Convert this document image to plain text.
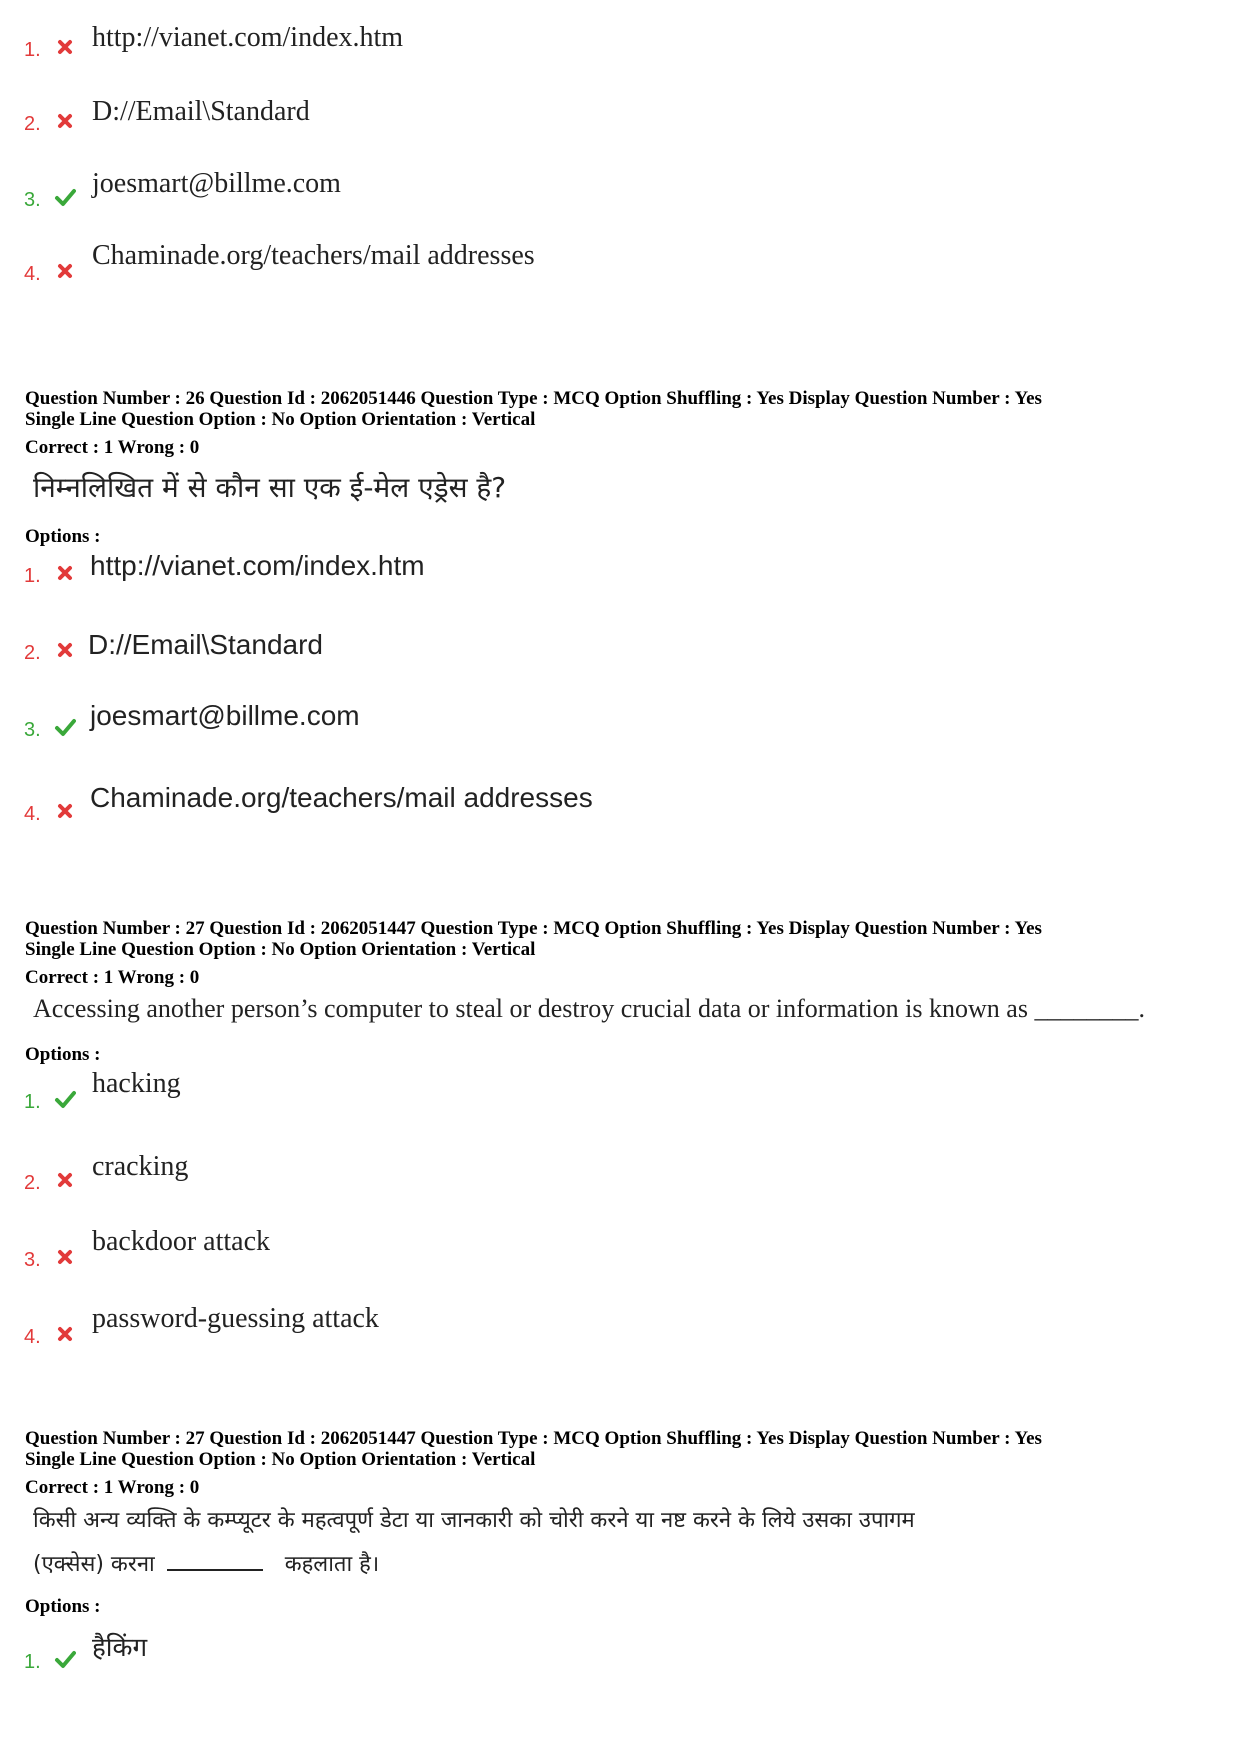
1. http://vianet.com/index.htm
2. D://Email\Standard
3.
joesmart@billme.com
4.
Chaminade.org/teachers/mail addresses
Question Number : 26 Question Id : 2062051446 Question Type : MCQ Option Shuffling : Yes Display Question Number : Yes
Single Line Question Option : No Option Orientation : Vertical
Correct : 1 Wrong : 0
निम्नलिखित में से कौन सा एक ई-मेल एड्रेस है?
Options :
1. http://vianet.com/index.htm
2. D://Email\Standard
3. joesmart@billme.com
4.
Chaminade.org/teachers/mail addresses
Question Number : 27 Question Id : 2062051447 Question Type : MCQ Option Shuffling : Yes Display Question Number : Yes
Single Line Question Option : No Option Orientation : Vertical
Correct : 1 Wrong : 0
Accessing another person’s computer to steal or destroy crucial data or information is known as ________.
Options :
1.
hacking
2.
cracking
3.
backdoor attack
4.
password-guessing attack
Question Number : 27 Question Id : 2062051447 Question Type : MCQ Option Shuffling : Yes Display Question Number : Yes
Single Line Question Option : No Option Orientation : Vertical
Correct : 1 Wrong : 0
किसी अन्य व्यक्ति के कम्प्यूटर के महत्वपूर्ण डेटा या जानकारी को चोरी करने या नष्ट करने के लिये उसका उपागम
(एक्सेस) करना	कहलाता है।
Options :
1. हैकिंग
